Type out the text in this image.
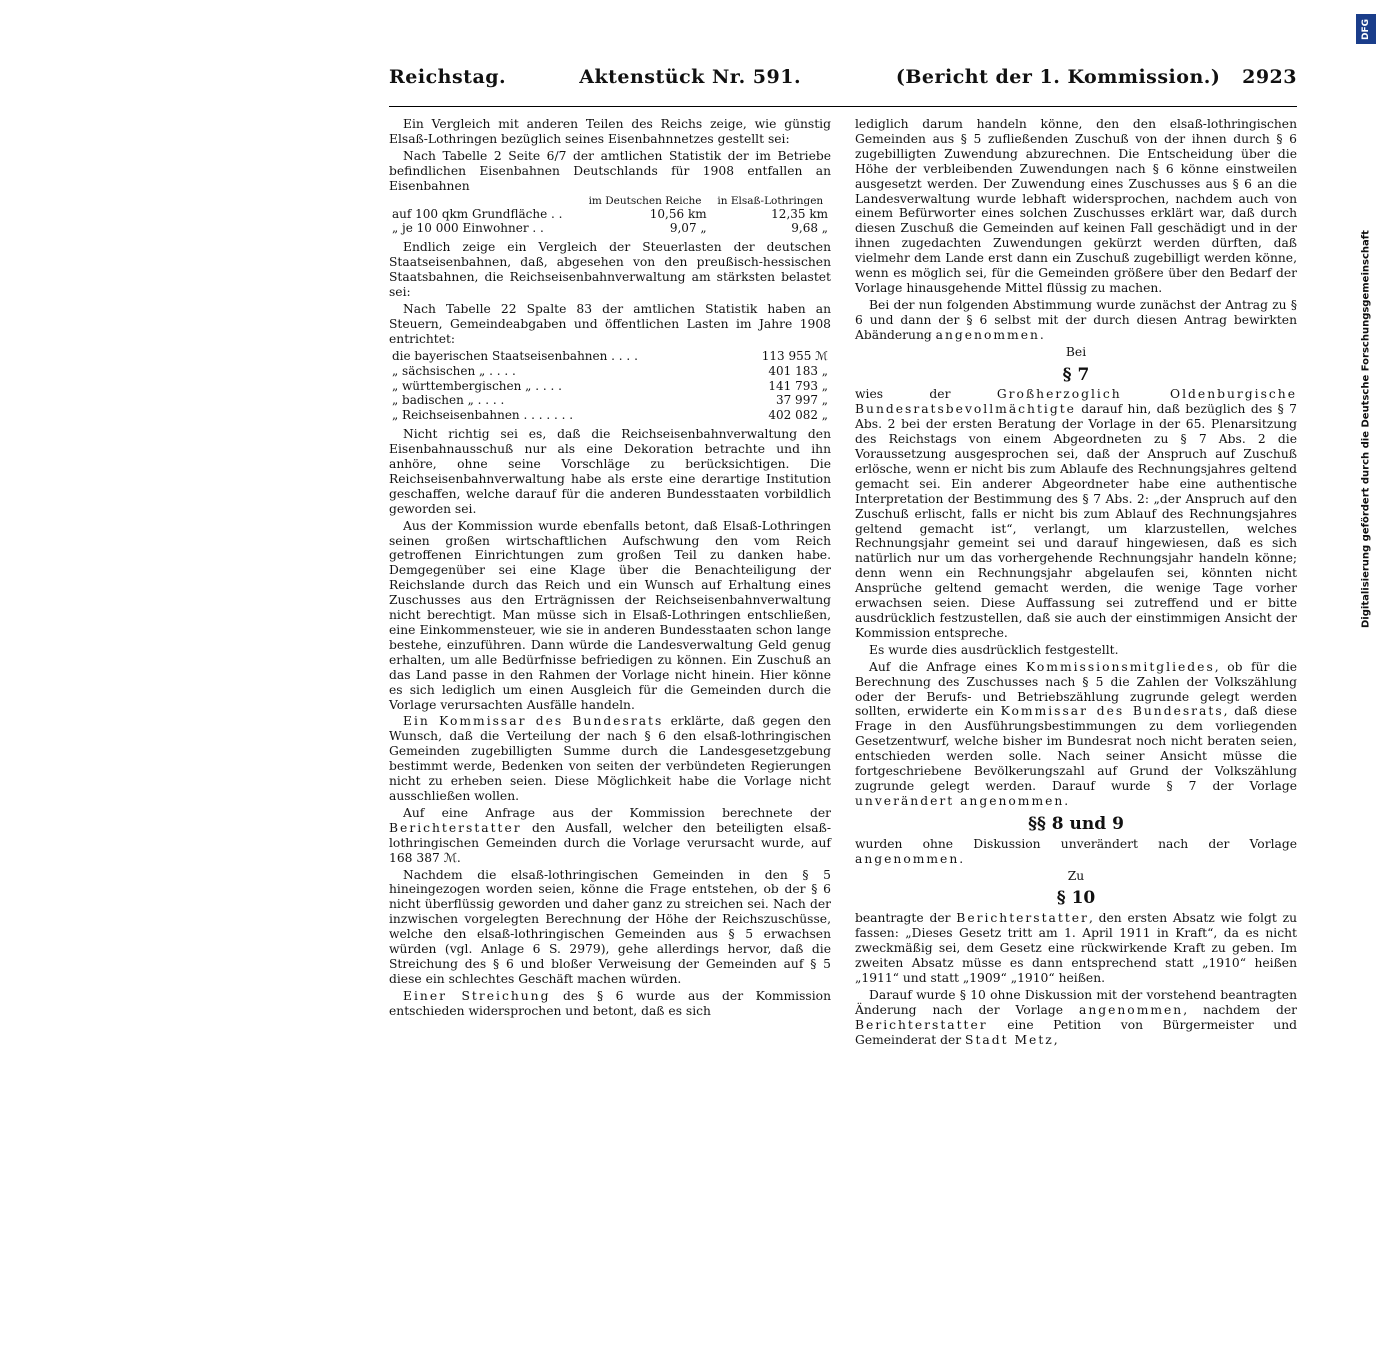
Reichstag.	Aktenstück Nr. 591.	(Bericht der 1. Kommission.)	2923

Ein Vergleich mit anderen Teilen des Reichs zeige, wie günstig Elsaß-Lothringen bezüglich seines Eisenbahnnetzes gestellt sei:

Nach Tabelle 2 Seite 6/7 der amtlichen Statistik der im Betriebe befindlichen Eisenbahnen Deutschlands für 1908 entfallen an Eisenbahnen

	im Deutschen Reiche	in Elsaß-Lothringen
auf 100 qkm Grundfläche . .	10,56 km	12,35 km
„ je 10 000 Einwohner . .	9,07 „	9,68 „

Endlich zeige ein Vergleich der Steuerlasten der deutschen Staatseisenbahnen, daß, abgesehen von den preußisch-hessischen Staatsbahnen, die Reichseisenbahnverwaltung am stärksten belastet sei:

Nach Tabelle 22 Spalte 83 der amtlichen Statistik haben an Steuern, Gemeindeabgaben und öffentlichen Lasten im Jahre 1908 entrichtet:

die bayerischen Staatseisenbahnen . . . .	113 955 ℳ
„ sächsischen „ . . . .	401 183 „
„ württembergischen „ . . . .	141 793 „
„ badischen „ . . . .	37 997 „
„ Reichseisenbahnen . . . . . . .	402 082 „

Nicht richtig sei es, daß die Reichseisenbahnverwaltung den Eisenbahnausschuß nur als eine Dekoration betrachte und ihn anhöre, ohne seine Vorschläge zu berücksichtigen. Die Reichseisenbahnverwaltung habe als erste eine derartige Institution geschaffen, welche darauf für die anderen Bundesstaaten vorbildlich geworden sei.

Aus der Kommission wurde ebenfalls betont, daß Elsaß-Lothringen seinen großen wirtschaftlichen Aufschwung den vom Reich getroffenen Einrichtungen zum großen Teil zu danken habe. Demgegenüber sei eine Klage über die Benachteiligung der Reichslande durch das Reich und ein Wunsch auf Erhaltung eines Zuschusses aus den Erträgnissen der Reichseisenbahnverwaltung nicht berechtigt. Man müsse sich in Elsaß-Lothringen entschließen, eine Einkommensteuer, wie sie in anderen Bundesstaaten schon lange bestehe, einzuführen. Dann würde die Landesverwaltung Geld genug erhalten, um alle Bedürfnisse befriedigen zu können. Ein Zuschuß an das Land passe in den Rahmen der Vorlage nicht hinein. Hier könne es sich lediglich um einen Ausgleich für die Gemeinden durch die Vorlage verursachten Ausfälle handeln.

Ein Kommissar des Bundesrats erklärte, daß gegen den Wunsch, daß die Verteilung der nach § 6 den elsaß-lothringischen Gemeinden zugebilligten Summe durch die Landesgesetzgebung bestimmt werde, Bedenken von seiten der verbündeten Regierungen nicht zu erheben seien. Diese Möglichkeit habe die Vorlage nicht ausschließen wollen.

Auf eine Anfrage aus der Kommission berechnete der Berichterstatter den Ausfall, welcher den beteiligten elsaß-lothringischen Gemeinden durch die Vorlage verursacht wurde, auf 168 387 ℳ.

Nachdem die elsaß-lothringischen Gemeinden in den § 5 hineingezogen worden seien, könne die Frage entstehen, ob der § 6 nicht überflüssig geworden und daher ganz zu streichen sei. Nach der inzwischen vorgelegten Berechnung der Höhe der Reichszuschüsse, welche den elsaß-lothringischen Gemeinden aus § 5 erwachsen würden (vgl. Anlage 6 S. 2979), gehe allerdings hervor, daß die Streichung des § 6 und bloßer Verweisung der Gemeinden auf § 5 diese ein schlechtes Geschäft machen würden.

Einer Streichung des § 6 wurde aus der Kommission entschieden widersprochen und betont, daß es sich

lediglich darum handeln könne, den den elsaß-lothringischen Gemeinden aus § 5 zufließenden Zuschuß von der ihnen durch § 6 zugebilligten Zuwendung abzurechnen. Die Entscheidung über die Höhe der verbleibenden Zuwendungen nach § 6 könne einstweilen ausgesetzt werden. Der Zuwendung eines Zuschusses aus § 6 an die Landesverwaltung wurde lebhaft widersprochen, nachdem auch von einem Befürworter eines solchen Zuschusses erklärt war, daß durch diesen Zuschuß die Gemeinden auf keinen Fall geschädigt und in der ihnen zugedachten Zuwendungen gekürzt werden dürften, daß vielmehr dem Lande erst dann ein Zuschuß zugebilligt werden könne, wenn es möglich sei, für die Gemeinden größere über den Bedarf der Vorlage hinausgehende Mittel flüssig zu machen.

Bei der nun folgenden Abstimmung wurde zunächst der Antrag zu § 6 und dann der § 6 selbst mit der durch diesen Antrag bewirkten Abänderung angenommen.

Bei

§ 7

wies der Großherzoglich Oldenburgische Bundesratsbevollmächtigte darauf hin, daß bezüglich des § 7 Abs. 2 bei der ersten Beratung der Vorlage in der 65. Plenarsitzung des Reichstags von einem Abgeordneten zu § 7 Abs. 2 die Voraussetzung ausgesprochen sei, daß der Anspruch auf Zuschuß erlösche, wenn er nicht bis zum Ablaufe des Rechnungsjahres geltend gemacht sei. Ein anderer Abgeordneter habe eine authentische Interpretation der Bestimmung des § 7 Abs. 2: „der Anspruch auf den Zuschuß erlischt, falls er nicht bis zum Ablauf des Rechnungsjahres geltend gemacht ist“, verlangt, um klarzustellen, welches Rechnungsjahr gemeint sei und darauf hingewiesen, daß es sich natürlich nur um das vorhergehende Rechnungsjahr handeln könne; denn wenn ein Rechnungsjahr abgelaufen sei, könnten nicht Ansprüche geltend gemacht werden, die wenige Tage vorher erwachsen seien. Diese Auffassung sei zutreffend und er bitte ausdrücklich festzustellen, daß sie auch der einstimmigen Ansicht der Kommission entspreche.

Es wurde dies ausdrücklich festgestellt.

Auf die Anfrage eines Kommissionsmitgliedes, ob für die Berechnung des Zuschusses nach § 5 die Zahlen der Volkszählung oder der Berufs- und Betriebszählung zugrunde gelegt werden sollten, erwiderte ein Kommissar des Bundesrats, daß diese Frage in den Ausführungsbestimmungen zu dem vorliegenden Gesetzentwurf, welche bisher im Bundesrat noch nicht beraten seien, entschieden werden solle. Nach seiner Ansicht müsse die fortgeschriebene Bevölkerungszahl auf Grund der Volkszählung zugrunde gelegt werden. Darauf wurde § 7 der Vorlage unverändert angenommen.

§§ 8 und 9

wurden ohne Diskussion unverändert nach der Vorlage angenommen.

Zu

§ 10

beantragte der Berichterstatter, den ersten Absatz wie folgt zu fassen: „Dieses Gesetz tritt am 1. April 1911 in Kraft“, da es nicht zweckmäßig sei, dem Gesetz eine rückwirkende Kraft zu geben. Im zweiten Absatz müsse es dann entsprechend statt „1910“ heißen „1911“ und statt „1909“ „1910“ heißen.

Darauf wurde § 10 ohne Diskussion mit der vorstehend beantragten Änderung nach der Vorlage angenommen, nachdem der Berichterstatter eine Petition von Bürgermeister und Gemeinderat der Stadt Metz,

DFG
Digitalisierung gefördert durch die Deutsche Forschungsgemeinschaft
